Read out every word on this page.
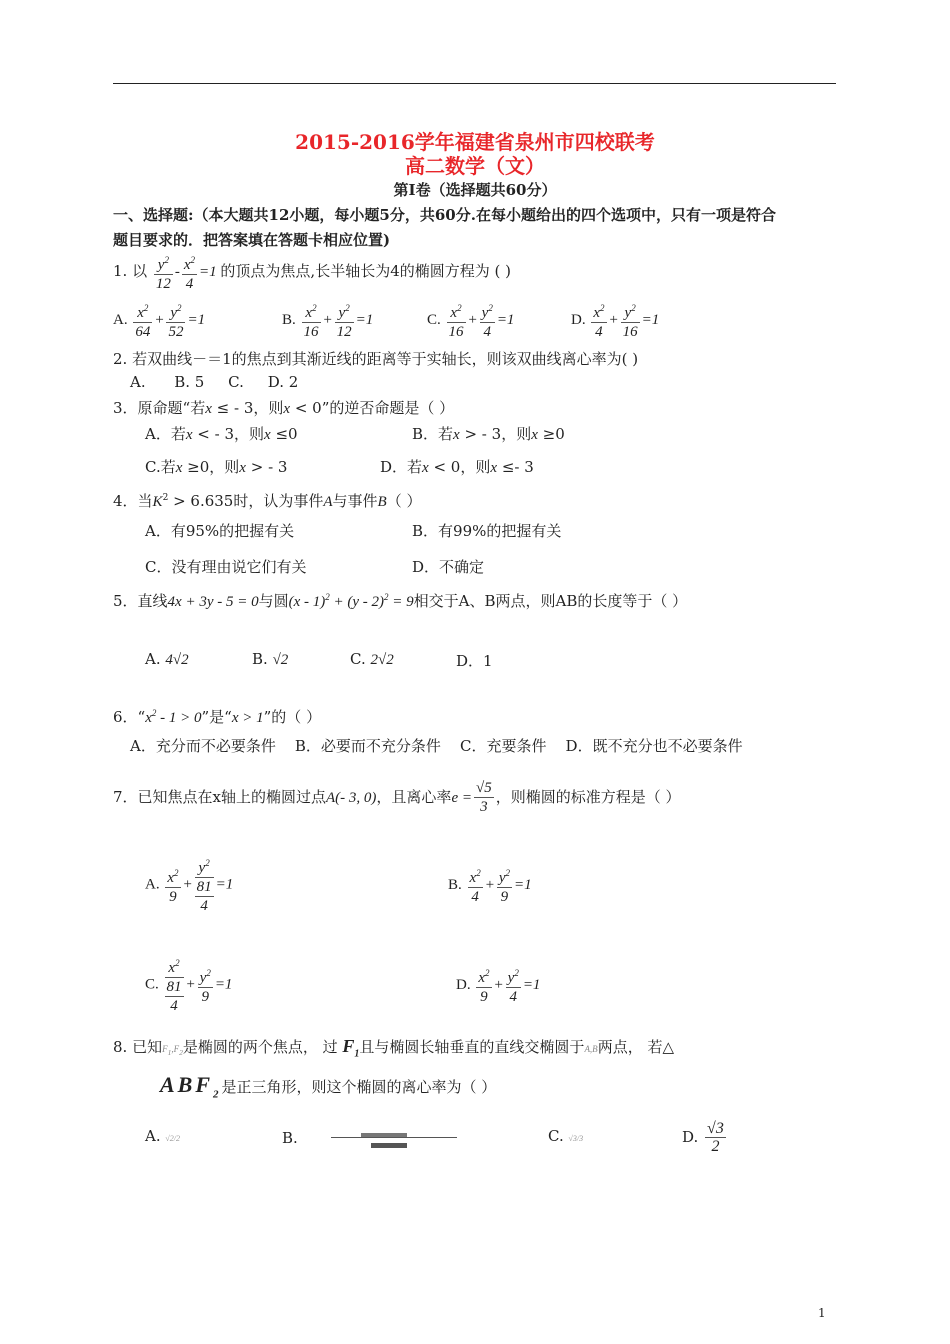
2015-2016学年福建省泉州市四校联考
高二数学（文）
第Ⅰ卷（选择题共60分）
一、选择题:（本大题共12小题，每小题5分，共60分.在每小题给出的四个选项中，只有一项是符合
题目要求的．把答案填在答题卡相应位置)
1. 以 $\frac{y^2}{12} - \frac{x^2}{4} =1$ 的顶点为焦点,长半轴长为4的椭圆方程为 ( )
A. $\frac{x^2}{64} + \frac{y^2}{52} =1$	B. $\frac{x^2}{16} + \frac{y^2}{12} =1$	C. $\frac{x^2}{16} + \frac{y^2}{4} =1$	D. $\frac{x^2}{4} + \frac{y^2}{16} =1$
2. 若双曲线－＝1的焦点到其渐近线的距离等于实轴长，则该双曲线离心率为( )
A.      B. 5     C.     D. 2
3．原命题“若x ≤ - 3，则x < 0”的逆否命题是（ ）
A．若x < - 3，则x ≤0	B．若x > - 3，则x ≥0
C.若x ≥0，则x > - 3	D．若x < 0，则x ≤- 3
4．当$K^2 > 6.635$时，认为事件A与事件B（ ）
A．有95%的把握有关	B．有99%的把握有关
C．没有理由说它们有关	D．不确定
5．直线4x + 3y - 5 = 0与圆(x - 1)$^2$ + (y - 2)$^2$ = 9相交于A、B两点，则AB的长度等于（ ）
A. 4√2	B. √2	C. 2√2	D．1
6．“$x^2 - 1 > 0$”是“x > 1”的（ ）
A．充分而不必要条件    B．必要而不充分条件    C．充要条件    D．既不充分也不必要条件
7．已知焦点在x轴上的椭圆过点A(- 3, 0)，且离心率$e = \frac{√5}{3}$ ，则椭圆的标准方程是（ ）
A. $\frac{x^2}{9}$ +
$y^2$
81
4
=1	B. $\frac{x^2}{4} + \frac{y^2}{9} =1$
C.
$x^2$
81
4
+ $\frac{y^2}{9} =1$	D. $\frac{x^2}{9} + \frac{y^2}{4} =1$
8. 已知$F_1,F_2$是椭圆的两个焦点， 过 $F_1$且与椭圆长轴垂直的直线交椭圆于A,B两点， 若△
$ABF_2$是正三角形，则这个椭圆的离心率为（ ）
A. √2/2	B.	C. √3/3	D. $\frac{√3}{2}$
1
